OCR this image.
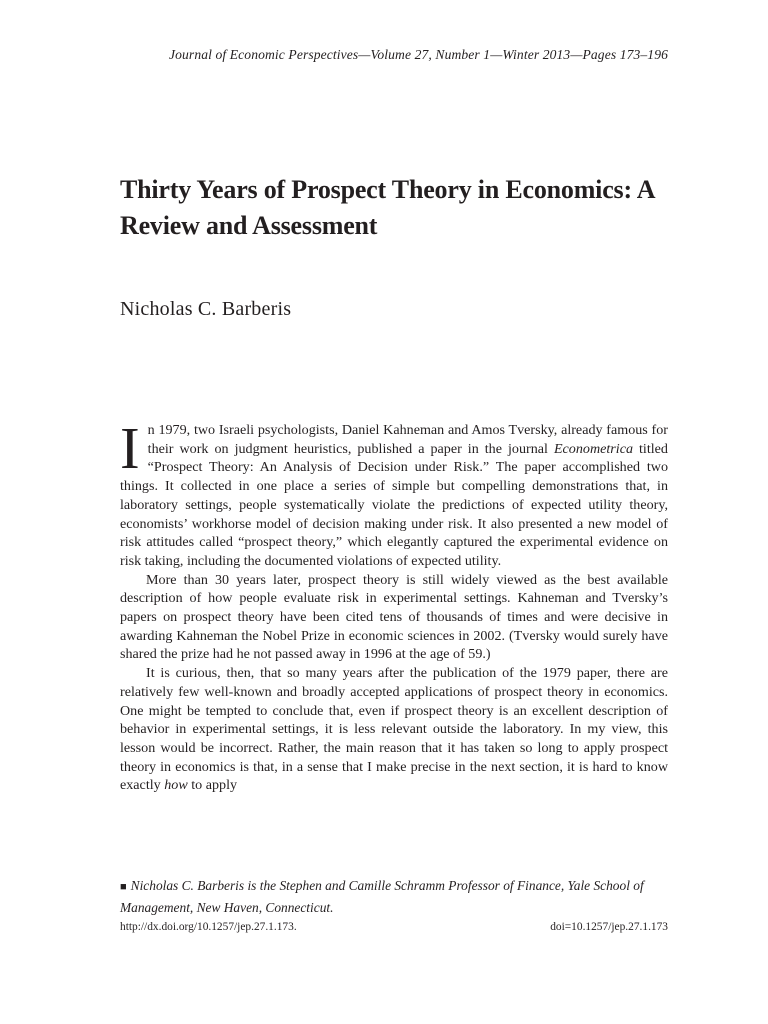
Journal of Economic Perspectives—Volume 27, Number 1—Winter 2013—Pages 173–196
Thirty Years of Prospect Theory in Economics: A Review and Assessment
Nicholas C. Barberis

In 1979, two Israeli psychologists, Daniel Kahneman and Amos Tversky, already famous for their work on judgment heuristics, published a paper in the journal Econometrica titled “Prospect Theory: An Analysis of Decision under Risk.” The paper accomplished two things. It collected in one place a series of simple but compelling demonstrations that, in laboratory settings, people systematically violate the predictions of expected utility theory, economists’ workhorse model of decision making under risk. It also presented a new model of risk attitudes called “prospect theory,” which elegantly captured the experimental evidence on risk taking, including the documented violations of expected utility.

More than 30 years later, prospect theory is still widely viewed as the best available description of how people evaluate risk in experimental settings. Kahneman and Tversky’s papers on prospect theory have been cited tens of thousands of times and were decisive in awarding Kahneman the Nobel Prize in economic sciences in 2002. (Tversky would surely have shared the prize had he not passed away in 1996 at the age of 59.)

It is curious, then, that so many years after the publication of the 1979 paper, there are relatively few well-known and broadly accepted applications of prospect theory in economics. One might be tempted to conclude that, even if prospect theory is an excellent description of behavior in experimental settings, it is less relevant outside the laboratory. In my view, this lesson would be incorrect. Rather, the main reason that it has taken so long to apply prospect theory in economics is that, in a sense that I make precise in the next section, it is hard to know exactly how to apply

■ Nicholas C. Barberis is the Stephen and Camille Schramm Professor of Finance, Yale School of Management, New Haven, Connecticut.
http://dx.doi.org/10.1257/jep.27.1.173.	doi=10.1257/jep.27.1.173
